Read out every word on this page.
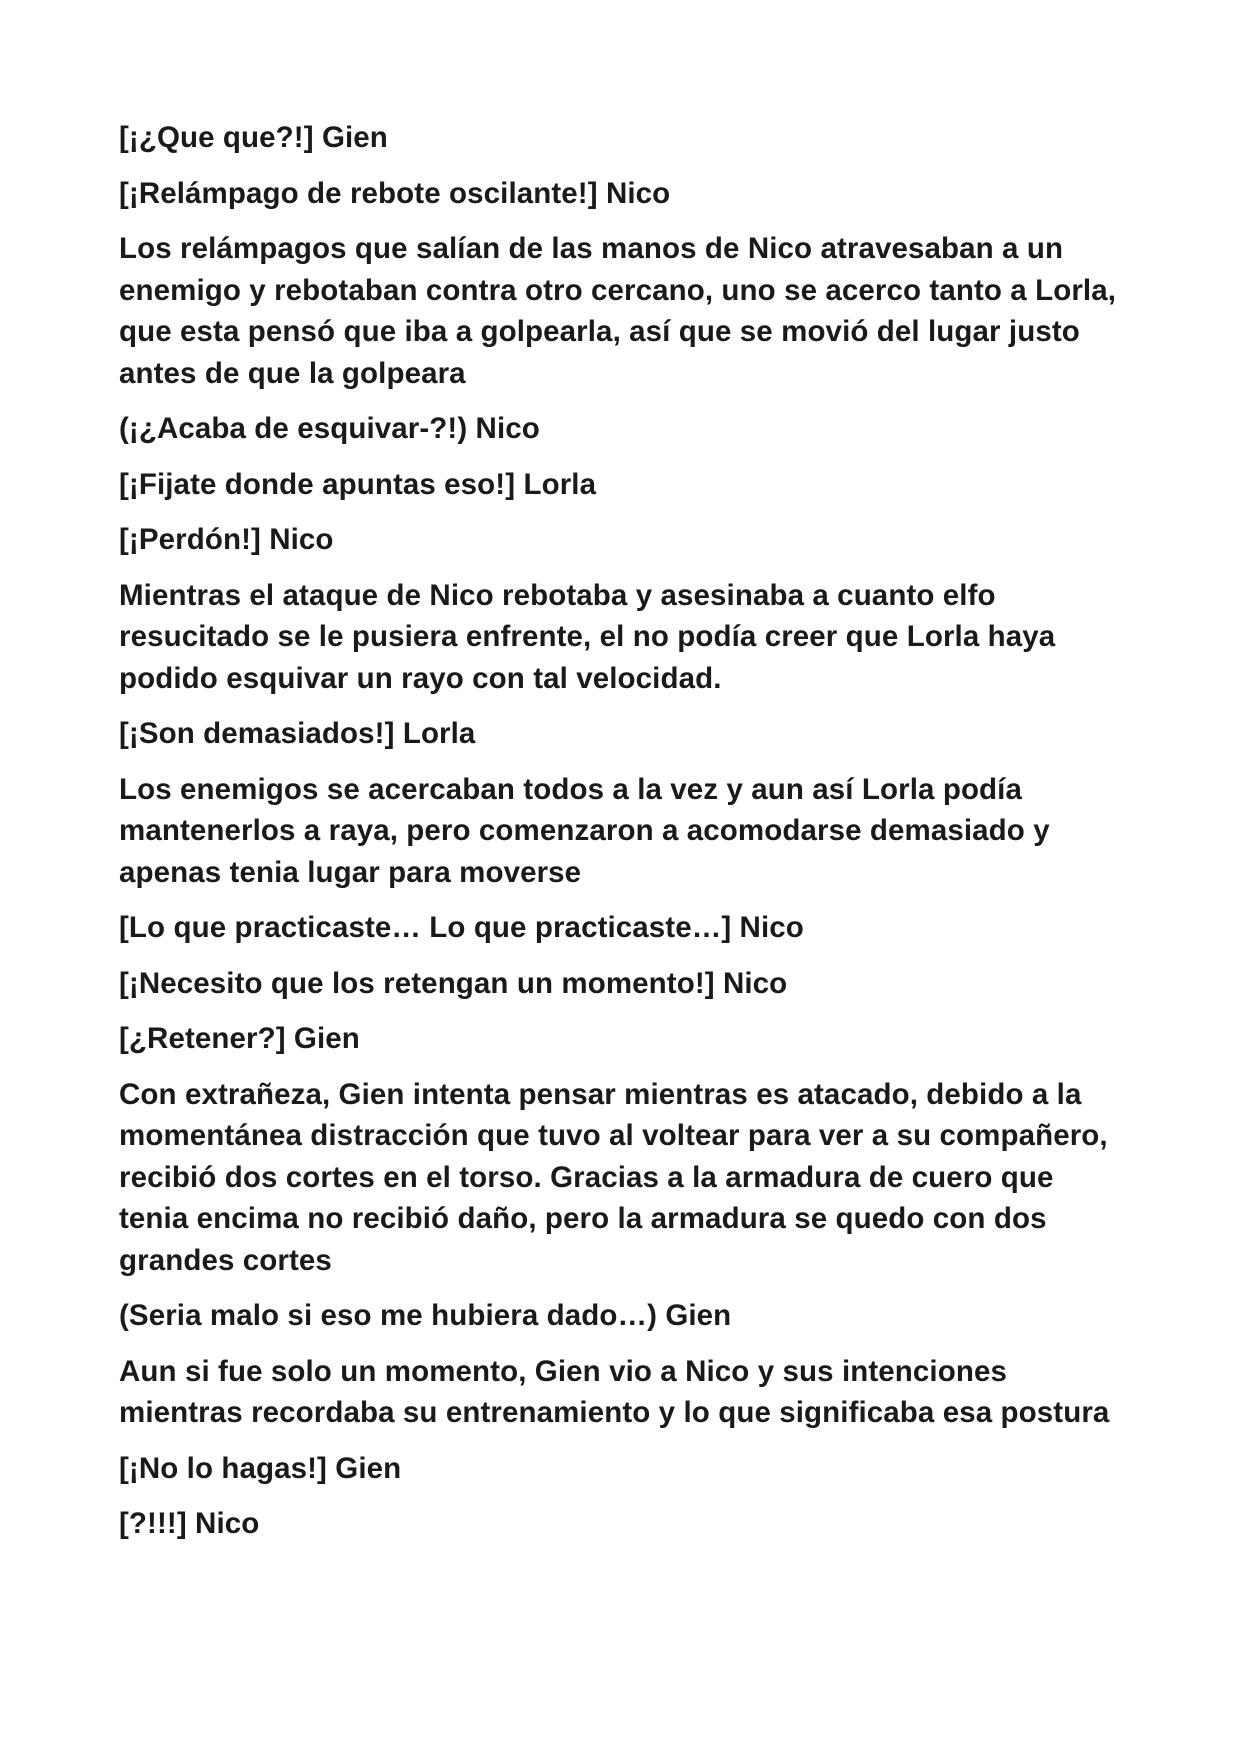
[¡¿Que que?!] Gien

[¡Relámpago de rebote oscilante!] Nico

Los relámpagos que salían de las manos de Nico atravesaban a un enemigo y rebotaban contra otro cercano, uno se acerco tanto a Lorla, que esta pensó que iba a golpearla, así que se movió del lugar justo antes de que la golpeara

(¡¿Acaba de esquivar-?!) Nico

[¡Fijate donde apuntas eso!] Lorla

[¡Perdón!] Nico

Mientras el ataque de Nico rebotaba y asesinaba a cuanto elfo resucitado se le pusiera enfrente, el no podía creer que Lorla haya podido esquivar un rayo con tal velocidad.

[¡Son demasiados!] Lorla

Los enemigos se acercaban todos a la vez y aun así Lorla podía mantenerlos a raya, pero comenzaron a acomodarse demasiado y apenas tenia lugar para moverse

[Lo que practicaste… Lo que practicaste…] Nico

[¡Necesito que los retengan un momento!] Nico

[¿Retener?] Gien

Con extrañeza, Gien intenta pensar mientras es atacado, debido a la momentánea distracción que tuvo al voltear para ver a su compañero, recibió dos cortes en el torso. Gracias a la armadura de cuero que tenia encima no recibió daño, pero la armadura se quedo con dos grandes cortes

(Seria malo si eso me hubiera dado…) Gien

Aun si fue solo un momento, Gien vio a Nico y sus intenciones mientras recordaba su entrenamiento y lo que significaba esa postura

[¡No lo hagas!] Gien

[?!!!] Nico
